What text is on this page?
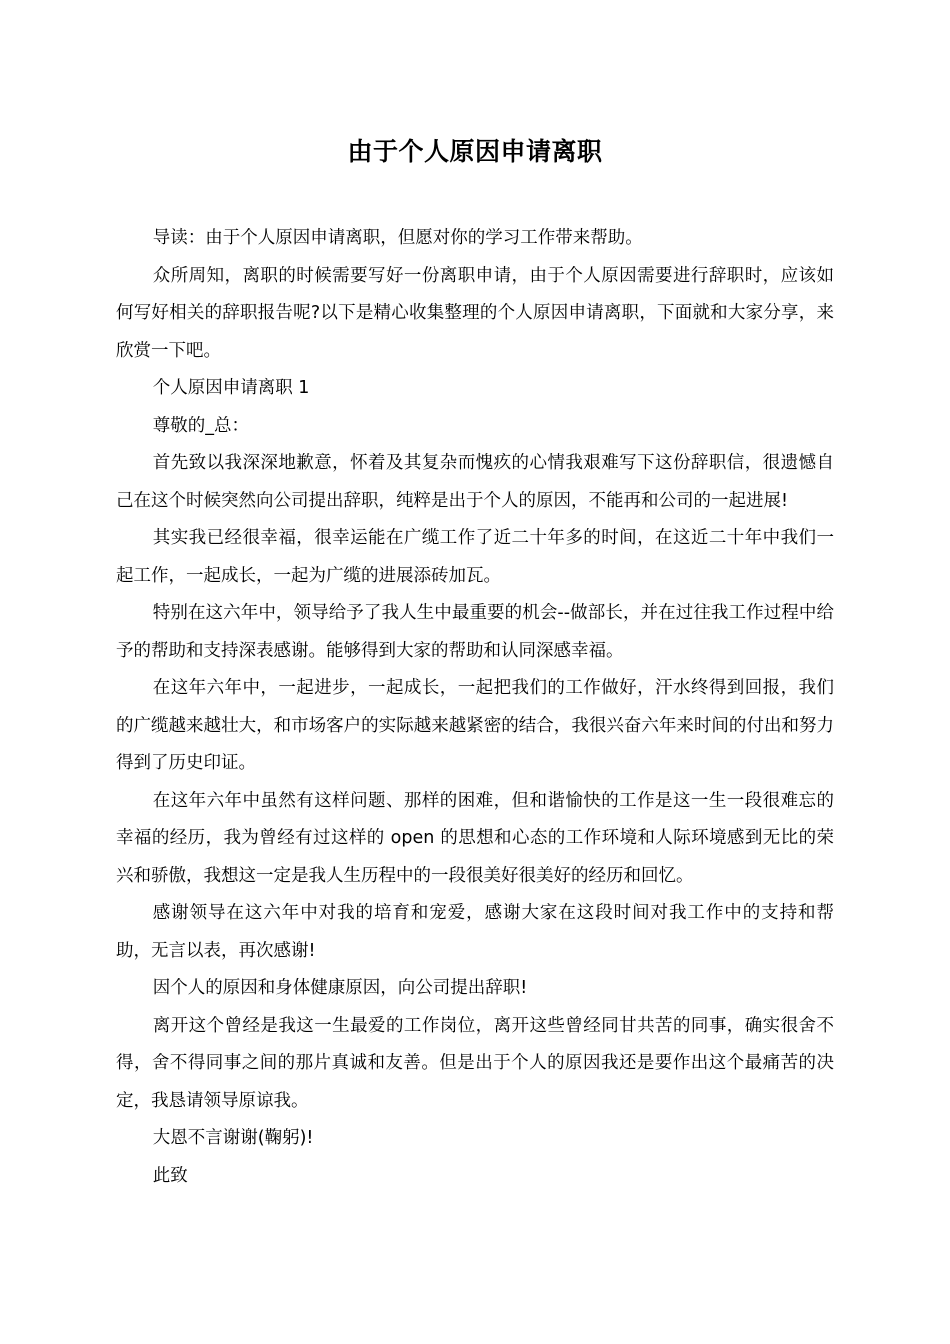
由于个人原因申请离职

导读：由于个人原因申请离职，但愿对你的学习工作带来帮助。

众所周知，离职的时候需要写好一份离职申请，由于个人原因需要进行辞职时，应该如何写好相关的辞职报告呢?以下是精心收集整理的个人原因申请离职，下面就和大家分享，来欣赏一下吧。

个人原因申请离职 1

尊敬的_总：

首先致以我深深地歉意，怀着及其复杂而愧疚的心情我艰难写下这份辞职信，很遗憾自己在这个时候突然向公司提出辞职，纯粹是出于个人的原因，不能再和公司的一起进展!

其实我已经很幸福，很幸运能在广缆工作了近二十年多的时间，在这近二十年中我们一起工作，一起成长，一起为广缆的进展添砖加瓦。

特别在这六年中，领导给予了我人生中最重要的机会--做部长，并在过往我工作过程中给予的帮助和支持深表感谢。能够得到大家的帮助和认同深感幸福。

在这年六年中，一起进步，一起成长，一起把我们的工作做好，汗水终得到回报，我们的广缆越来越壮大，和市场客户的实际越来越紧密的结合，我很兴奋六年来时间的付出和努力得到了历史印证。

在这年六年中虽然有这样问题、那样的困难，但和谐愉快的工作是这一生一段很难忘的幸福的经历，我为曾经有过这样的 open 的思想和心态的工作环境和人际环境感到无比的荣兴和骄傲，我想这一定是我人生历程中的一段很美好很美好的经历和回忆。

感谢领导在这六年中对我的培育和宠爱，感谢大家在这段时间对我工作中的支持和帮助，无言以表，再次感谢!

因个人的原因和身体健康原因，向公司提出辞职!

离开这个曾经是我这一生最爱的工作岗位，离开这些曾经同甘共苦的同事，确实很舍不得，舍不得同事之间的那片真诚和友善。但是出于个人的原因我还是要作出这个最痛苦的决定，我恳请领导原谅我。

大恩不言谢谢(鞠躬)!

此致
